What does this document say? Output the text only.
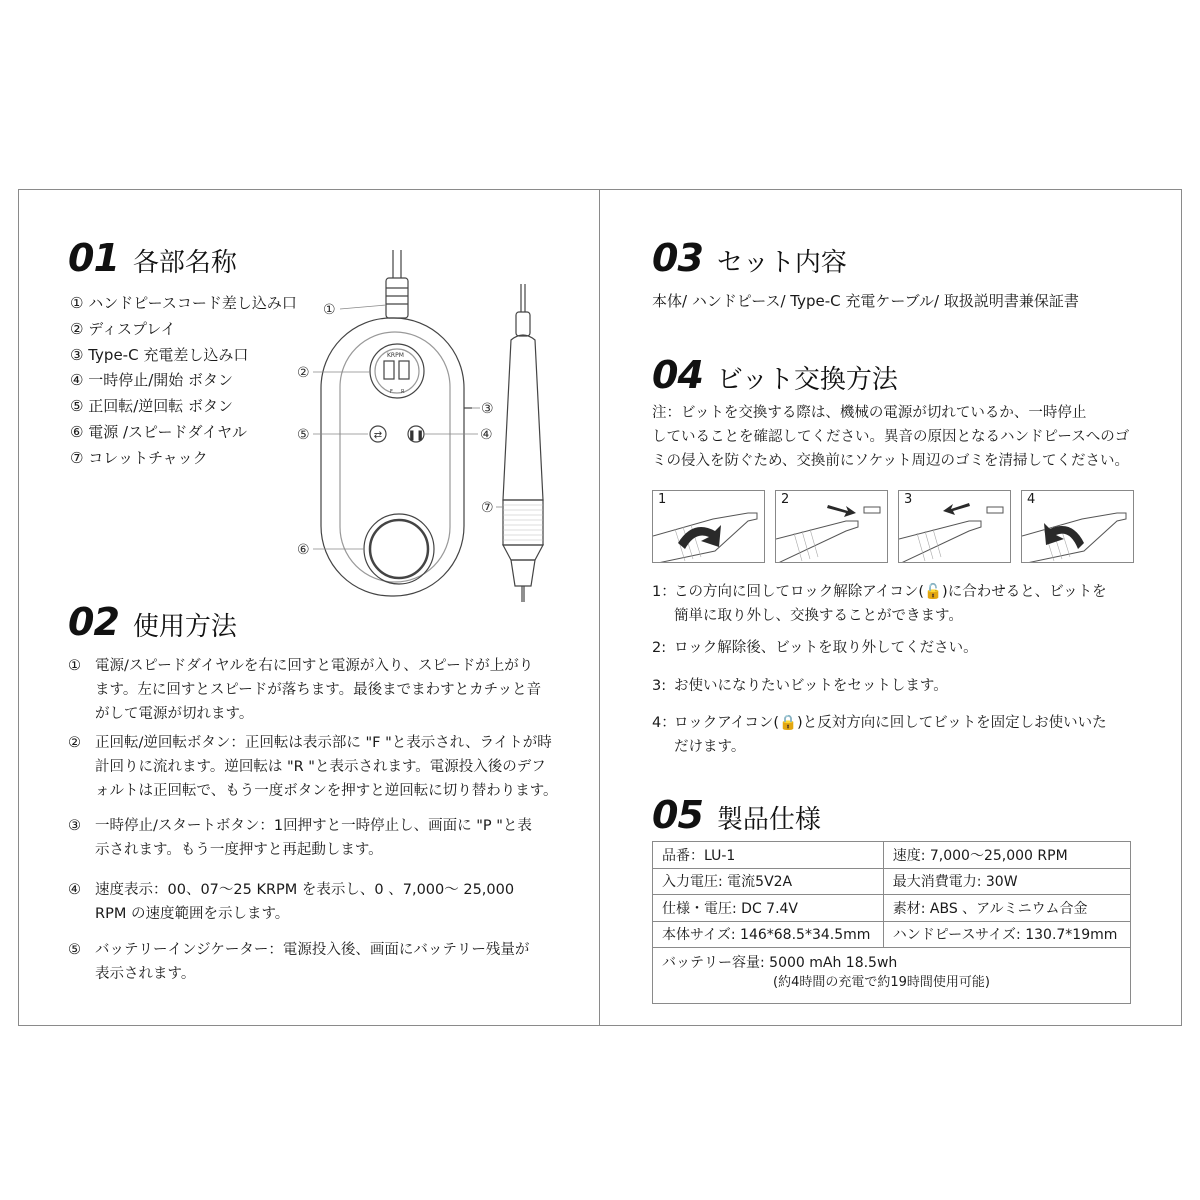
01 各部名称
① ハンドピースコード差し込み口
② ディスプレイ
③ Type-C 充電差し込み口
④ 一時停止/開始 ボタン
⑤ 正回転/逆回転 ボタン
⑥ 電源 /スピードダイヤル
⑦ コレットチャック
①
②
③
④
⑤
⑥
⑦
KRPM
F R
⇄	❚❚
02 使用方法
① 電源/スピードダイヤルを右に回すと電源が入り、スピードが上がり
ます。左に回すとスピードが落ちます。最後までまわすとカチッと音
がして電源が切れます。
② 正回転/逆回転ボタン：正回転は表示部に "F "と表示され、ライトが時
計回りに流れます。逆回転は "R "と表示されます。電源投入後のデフ
ォルトは正回転で、もう一度ボタンを押すと逆回転に切り替わります。
③ 一時停止/スタートボタン：1回押すと一時停止し、画面に "P "と表
示されます。もう一度押すと再起動します。
④ 速度表示：00、07～25 KRPM を表示し、0 、7,000～ 25,000
RPM の速度範囲を示します。
⑤ バッテリーインジケーター：電源投入後、画面にバッテリー残量が
表示されます。
03 セット内容
本体/ ハンドピース/ Type-C 充電ケーブル/ 取扱説明書兼保証書
04 ビット交換方法
注：ビットを交換する際は、機械の電源が切れているか、一時停止
していることを確認してください。異音の原因となるハンドピースへのゴ
ミの侵入を防ぐため、交換前にソケット周辺のゴミを清掃してください。
1	2	3	4
1：この方向に回してロック解除アイコン(🔓)に合わせると、ビットを
簡単に取り外し、交換することができます。
2: ロック解除後、ビットを取り外してください。
3: お使いになりたいビットをセットします。
4：ロックアイコン(🔒)と反対方向に回してビットを固定しお使いいた
だけます。
05 製品仕様
品番：LU-1	速度: 7,000～25,000 RPM
入力電圧: 電流5V2A	最大消費電力: 30W
仕様・電圧: DC 7.4V	素材: ABS 、アルミニウム合金
本体サイズ: 146*68.5*34.5mm	ハンドピースサイズ: 130.7*19mm
バッテリー容量: 5000 mAh 18.5wh
(約4時間の充電で約19時間使用可能)	
